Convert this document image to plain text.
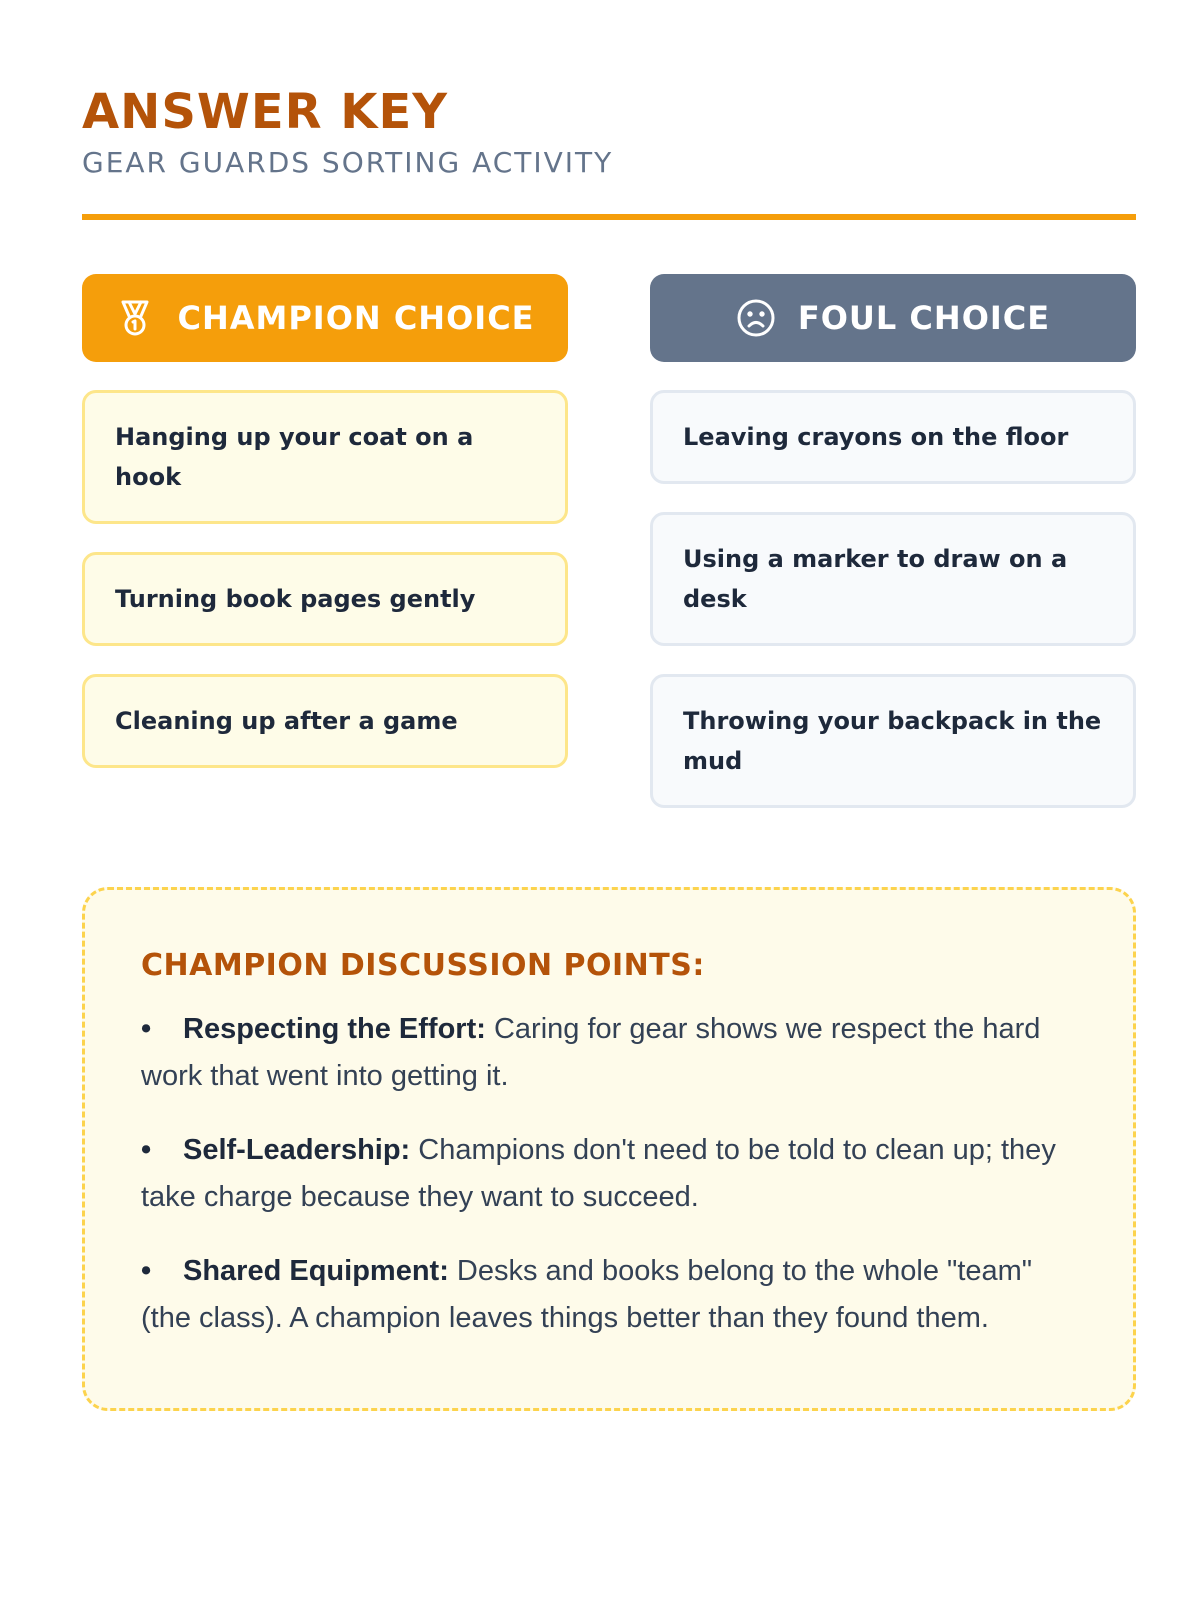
ANSWER KEY
GEAR GUARDS SORTING ACTIVITY
CHAMPION CHOICE
Hanging up your coat on a hook
Turning book pages gently
Cleaning up after a game
FOUL CHOICE
Leaving crayons on the floor
Using a marker to draw on a desk
Throwing your backpack in the mud
CHAMPION DISCUSSION POINTS:
• Respecting the Effort: Caring for gear shows we respect the hard work that went into getting it.
• Self-Leadership: Champions don't need to be told to clean up; they take charge because they want to succeed.
• Shared Equipment: Desks and books belong to the whole "team" (the class). A champion leaves things better than they found them.
